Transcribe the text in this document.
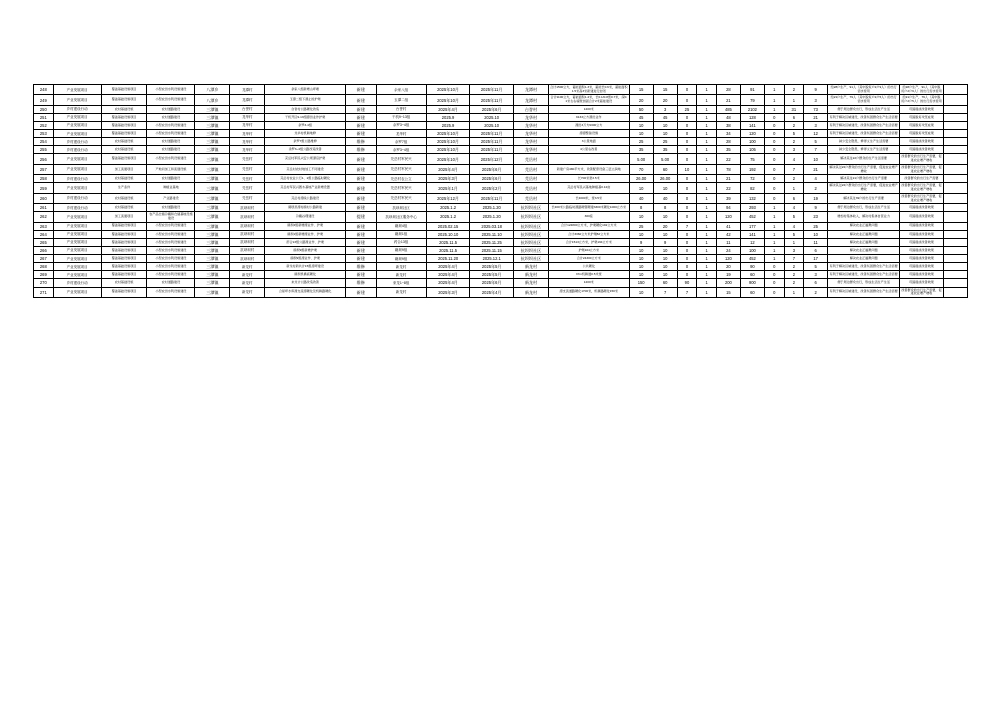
248	产业发展项目	覆盖基础设施项目	小型农田水利设施建设	八潭乡	龙潭村	余家八组新增山坪塘	新建	余家八组	2025年10月	2025年11月	龙潭村	合计1500立方，蓄能面积1.3米，蓄能长0.6米，蓄能面积1.5米高3米新建进行封闭	15	15	0	1	28	91	1	2	9	给28户生产，91人（其中脱贫户2户9人）的出行需求使用	给28户生产，91人（其中脱贫户2户9人）的出行需求使用	
249	产业发展项目	覆盖基础设施项目	小型农田水利设施建设	八潭乡	龙潭村	玉潭二组下潭止的护渠	新建	玉潭二组	2025年10月	2025年11月	龙潭村	合计1100立方，蓄能面积1.2米，长0.1/0.8宽0.7米，深0.1米左右墙壁加固合计2米蓄能建设	20	20	0	1	21	79	1	1	3	给21户生产，79人（其中脱贫户2户5人）的出行需求使用	给21户生产，79人（其中脱贫户2户5人）的出行需求使用	
250	乡村建设行动	农村基础设施	农村道路建设	三潭镇	台誉村	台誉村公路硬化改造	新建	台誉村	2025年4月	2025年6月	台誉村	1200米	50	3	25	1	485	2102	1	31	73	便于周边群众出行，形成生活生产生活	巩固提质改善效果	
251	产业发展项目	覆盖基础设施项目	农村道路建设	三潭镇	龙华村	干机开区9-13组潭田业作护渠	新建	干机9~13组	2025.9	2025.10	龙华村	9133立方潭田业作	45	45	0	1	48	128	0	6	21	有利于解决区域建设，改善贫困群众生产生活需要	巩固脱贫攻坚成果	
252	产业发展项目	覆盖基础设施项目	小型农田水利设施建设	三潭镇	龙华村	余罗3-4组	新建	余罗3~4组	2025.9	2025.10	龙华村	潭田3万方9300立方	10	10	0	1	38	141	0	2	3	有利于解决区域建设，改善贫困群众生产生活需要	巩固脱贫攻坚成果	
253	产业发展项目	覆盖基础设施项目	小型农田水利设施建设	三潭镇	龙华村	龙华村机耕地修	新建	龙华村	2025年10月	2025年11月	龙华村	潭潭整备设施	10	10	0	1	34	120	0	5	12	有利于解决区域建设，改善贫困群众生产生活需要	巩固脱贫攻坚成果	
254	乡村建设行动	农村基础设施	农村道路建设	三潭镇	龙华村	余罗7组公路维修	维修	余罗7组	2025年10月	2025年11月	龙华村	3公里地面	25	25	0	1	28	100	0	2	5	减少安全隐患，修得义生产生活需要	巩固提质改善效果	
255	乡村建设行动	农村基础设施	农村道路建设	三潭镇	龙华村	余罗3~4组公路改造改善	维修	余罗3~4组	2025年10月	2025年11月	龙华村	4公里右改善	35	35	0	1	35	105	0	3	7	减少安全隐患，修得义生产生活需要	巩固提质改善效果	
256	产业发展项目	覆盖基础设施项目	小型农田水利设施建设	三潭镇	芫岳村	芫岳村军民兴安公坝潭沿护渠	新建	芫岳村军民兴	2025年10月	2025年12月	芫岳村		5.00	5.00	0	1	22	75	0	4	10	解决其过22户群众的生产生活需要	改善群众的出行生产需要，促进农业增产增收	
257	产业发展项目	加工流通项目	产地初加工和流通设施	三潭镇	芫岳村	芫岳村农村地加工不同建设	新建	芫岳村军民兴	2025年4月	2025年6月	芫岳村	新建广房480平方米，改善配套设备三层立润地	70	60	10	1	78	192	0	7	21	解决其过22户群众的出行生产需要，促进农业增产增收	改善群众的出行生产需要，促进农业增产增收	
258	乡村建设行动	农村基础设施	农村道路建设	三潭镇	芫岳村	芫岳村农业公行1、2组公路临时硬化	新建	芫岳村农公立	2025年3月	2025年6月	芫岳村	长700米宽3.5米	26.00	26.00	0	1	21	72	0	2	4	解决其过21户群众的出行生产需要	改善群众的出行生产需要	
259	产业发展项目	生产条件	种植业基地	三潭镇	芫岳村	芫岳村军民兴图木基地产业新增设置	新建	芫岳村军民兴	2025年1月	2025年2月	芫岳村	芫岳村军民兴基地种植基0.12亩	10	10	0	1	22	82	0	1	2	解决其过22户群众的出行生产需要，促进农业增产增收	改善群众的出行生产需要，促进农业增产增收	
260	乡村建设行动	农村基础设施	产业路建设	三潭镇	芫岳村	芫岳村潭线公路建设	新建	芫岳村军民兴	2025年12月	2025年11月	芫岳村	长4000米，宽3.5米	40	40	0	1	39	132	0	6	19	解决其过39户的出行生产需要	改善群众的出行生产需要，促进农业增产增收	
261	乡村建设行动	农村基础设施	农村道路建设	三潭镇	抗坝坝村	碗坝县潭村碗村公路新建	新建	抗坝坝社区	2025.1.2	2025.1.20	抗坝坝社区	长400米公路临时潭路硬管硬建3300米硬化1000立方米	8	8	0	1	94	293	1	4	9	便于周边群众出行，形成生活生产生活	巩固提质改善效果	
262	产业发展项目	加工流通项目	农产品仓储冷藏和仓储基地设施建设	三潭镇	抗坝坝村	冷藏谷理建设	提建	抗坝坝社区服务中心	2025.1.2	2025.1.20	抗坝坝社区	300座	10	10	0	1	120	452	1	5	23	增加村集体收入，解决村集体自营业力	巩固提质改善效果	
263	产业发展项目	覆盖基础设施项目	小型农田水利设施建设	三潭镇	抗坝坝村	碗坝4组新增潭业作、护渠	新建	碗坝4组	2025.02.15	2025.03.18	抗坝坝社区	合计124800立方米，护渠硬化192立方米	25	20	7	1	41	177	1	4	25	解决农业正灌溉问题	巩固提质改善效果	
264	产业发展项目	覆盖基础设施项目	小型农田水利设施建设	三潭镇	抗坝坝村	碗坝1组新增潭业作、护渠	新建	碗坝1组	2025.10.10	2025.11.10	抗坝坝社区	合计3360立方米护渠82立方米	10	10	0	1	42	141	1	5	10	解决农业正灌溉问题	巩固提质改善效果	
265	产业发展项目	覆盖基础设施项目	小型农田水利设施建设	三潭镇	抗坝坝村	药合13组公路潭业作、护渠	新建	药合13组	2025.11.5	2025.11.25	抗坝坝社区	合计1513立方米，护渠194立方米	9	9	0	1	11	12	1	1	11	解决农业正灌溉问题	巩固提质改善效果	
266	产业发展项目	覆盖基础设施项目	小型农田水利设施建设	三潭镇	抗坝坝村	碗坝9组新增护渠	新建	碗坝9组	2025.11.5	2025.11.15	抗坝坝社区	护渠104立方米	10	10	0	1	24	100	1	3	6	解决农业正灌溉问题	巩固提质改善效果	
267	产业发展项目	覆盖基础设施项目	小型农田水利设施建设	三潭镇	抗坝坝村	碗坝9组潭业作、护渠	新建	碗坝9组	2025.11.20	2025.12.1	抗坝坝社区	合计24300立方米	10	10	0	1	120	452	1	7	17	解决农业正灌溉问题	巩固提质改善效果	
268	产业发展项目	覆盖基础设施项目	小型农田水利设施建设	三潭镇	新龙村	新龙村新共计15组潭坪建设	维修	新龙村	2025年4月	2025年5月	新龙村	公共硬化	10	10	0	1	20	90	0	2	5	有利于解决区域建设，改善贫困群众生产生活需要	巩固提质改善效果	
269	产业发展项目	覆盖基础设施项目	小型农田水利设施建设	三潭镇	新龙村	碗坝机横板硬化	新建	新龙村	2025年4月	2025年5月	新龙村	37m机耕道0.5米宽	10	10	0	1	19	60	0	2	3	有利于解决区域建设，改善贫困群众生产生活需要	巩固提质改善效果	
270	乡村建设行动	农村基础设施	农村道路建设	三潭镇	新龙村	来龙计公路改造改善	维修	来龙1~8组	2025年4月	2025年6月	新龙村	1200米	150	60	90	1	200	900	0	2	6	便于周边群众出行，形成生活生产生活	巩固提质改善效果	
271	产业发展项目	覆盖基础设施项目	小型农田水利设施建设	三潭镇	新龙村	合星坪水库潭支流潭硬化及机耕路硬化	新建	新龙村	2025年3月	2025年4月	新龙村	潭支流道路硬化1700米，机耕路硬化150米	10	7	7	1	15	60	0	1	2	有利于解决区域建设，改善贫困群众生产生活需要	改善群众的出行生产需要，促进农业增产增收	
